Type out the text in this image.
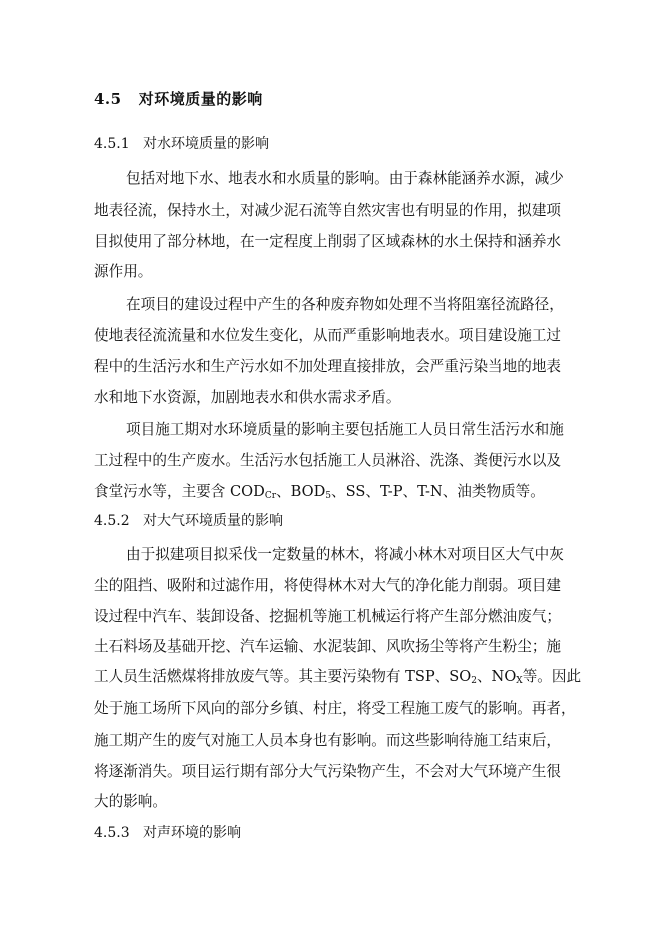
4.5 对环境质量的影响
4.5.1 对水环境质量的影响
包括对地下水、地表水和水质量的影响。由于森林能涵养水源，减少
地表径流，保持水土，对减少泥石流等自然灾害也有明显的作用，拟建项
目拟使用了部分林地，在一定程度上削弱了区域森林的水土保持和涵养水
源作用。
在项目的建设过程中产生的各种废弃物如处理不当将阻塞径流路径，
使地表径流流量和水位发生变化，从而严重影响地表水。项目建设施工过
程中的生活污水和生产污水如不加处理直接排放，会严重污染当地的地表
水和地下水资源，加剧地表水和供水需求矛盾。
项目施工期对水环境质量的影响主要包括施工人员日常生活污水和施
工过程中的生产废水。生活污水包括施工人员淋浴、洗涤、粪便污水以及
食堂污水等，主要含 $COD_{Cr}$、$BOD_5$、SS、T-P、T-N、油类物质等。
4.5.2 对大气环境质量的影响
由于拟建项目拟采伐一定数量的林木，将减小林木对项目区大气中灰
尘的阻挡、吸附和过滤作用，将使得林木对大气的净化能力削弱。项目建
设过程中汽车、装卸设备、挖掘机等施工机械运行将产生部分燃油废气；
土石料场及基础开挖、汽车运输、水泥装卸、风吹扬尘等将产生粉尘；施
工人员生活燃煤将排放废气等。其主要污染物有 TSP、$SO_2$、$NO_X$等。因此
处于施工场所下风向的部分乡镇、村庄，将受工程施工废气的影响。再者，
施工期产生的废气对施工人员本身也有影响。而这些影响待施工结束后，
将逐渐消失。项目运行期有部分大气污染物产生，不会对大气环境产生很
大的影响。
4.5.3 对声环境的影响
